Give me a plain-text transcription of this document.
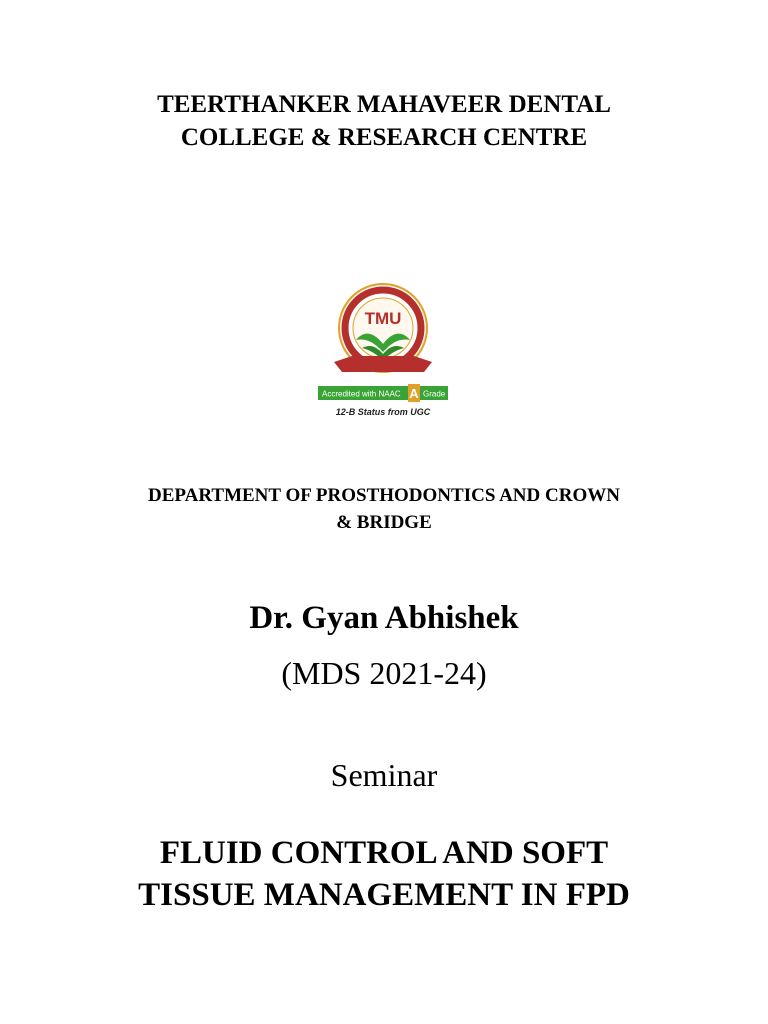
TEERTHANKER MAHAVEER DENTAL
COLLEGE & RESEARCH CENTRE
TMU
Accredited with NAAC A Grade
12-B Status from UGC
DEPARTMENT OF PROSTHODONTICS AND CROWN
& BRIDGE
Dr. Gyan Abhishek
(MDS 2021-24)
Seminar
FLUID CONTROL AND SOFT
TISSUE MANAGEMENT IN FPD
